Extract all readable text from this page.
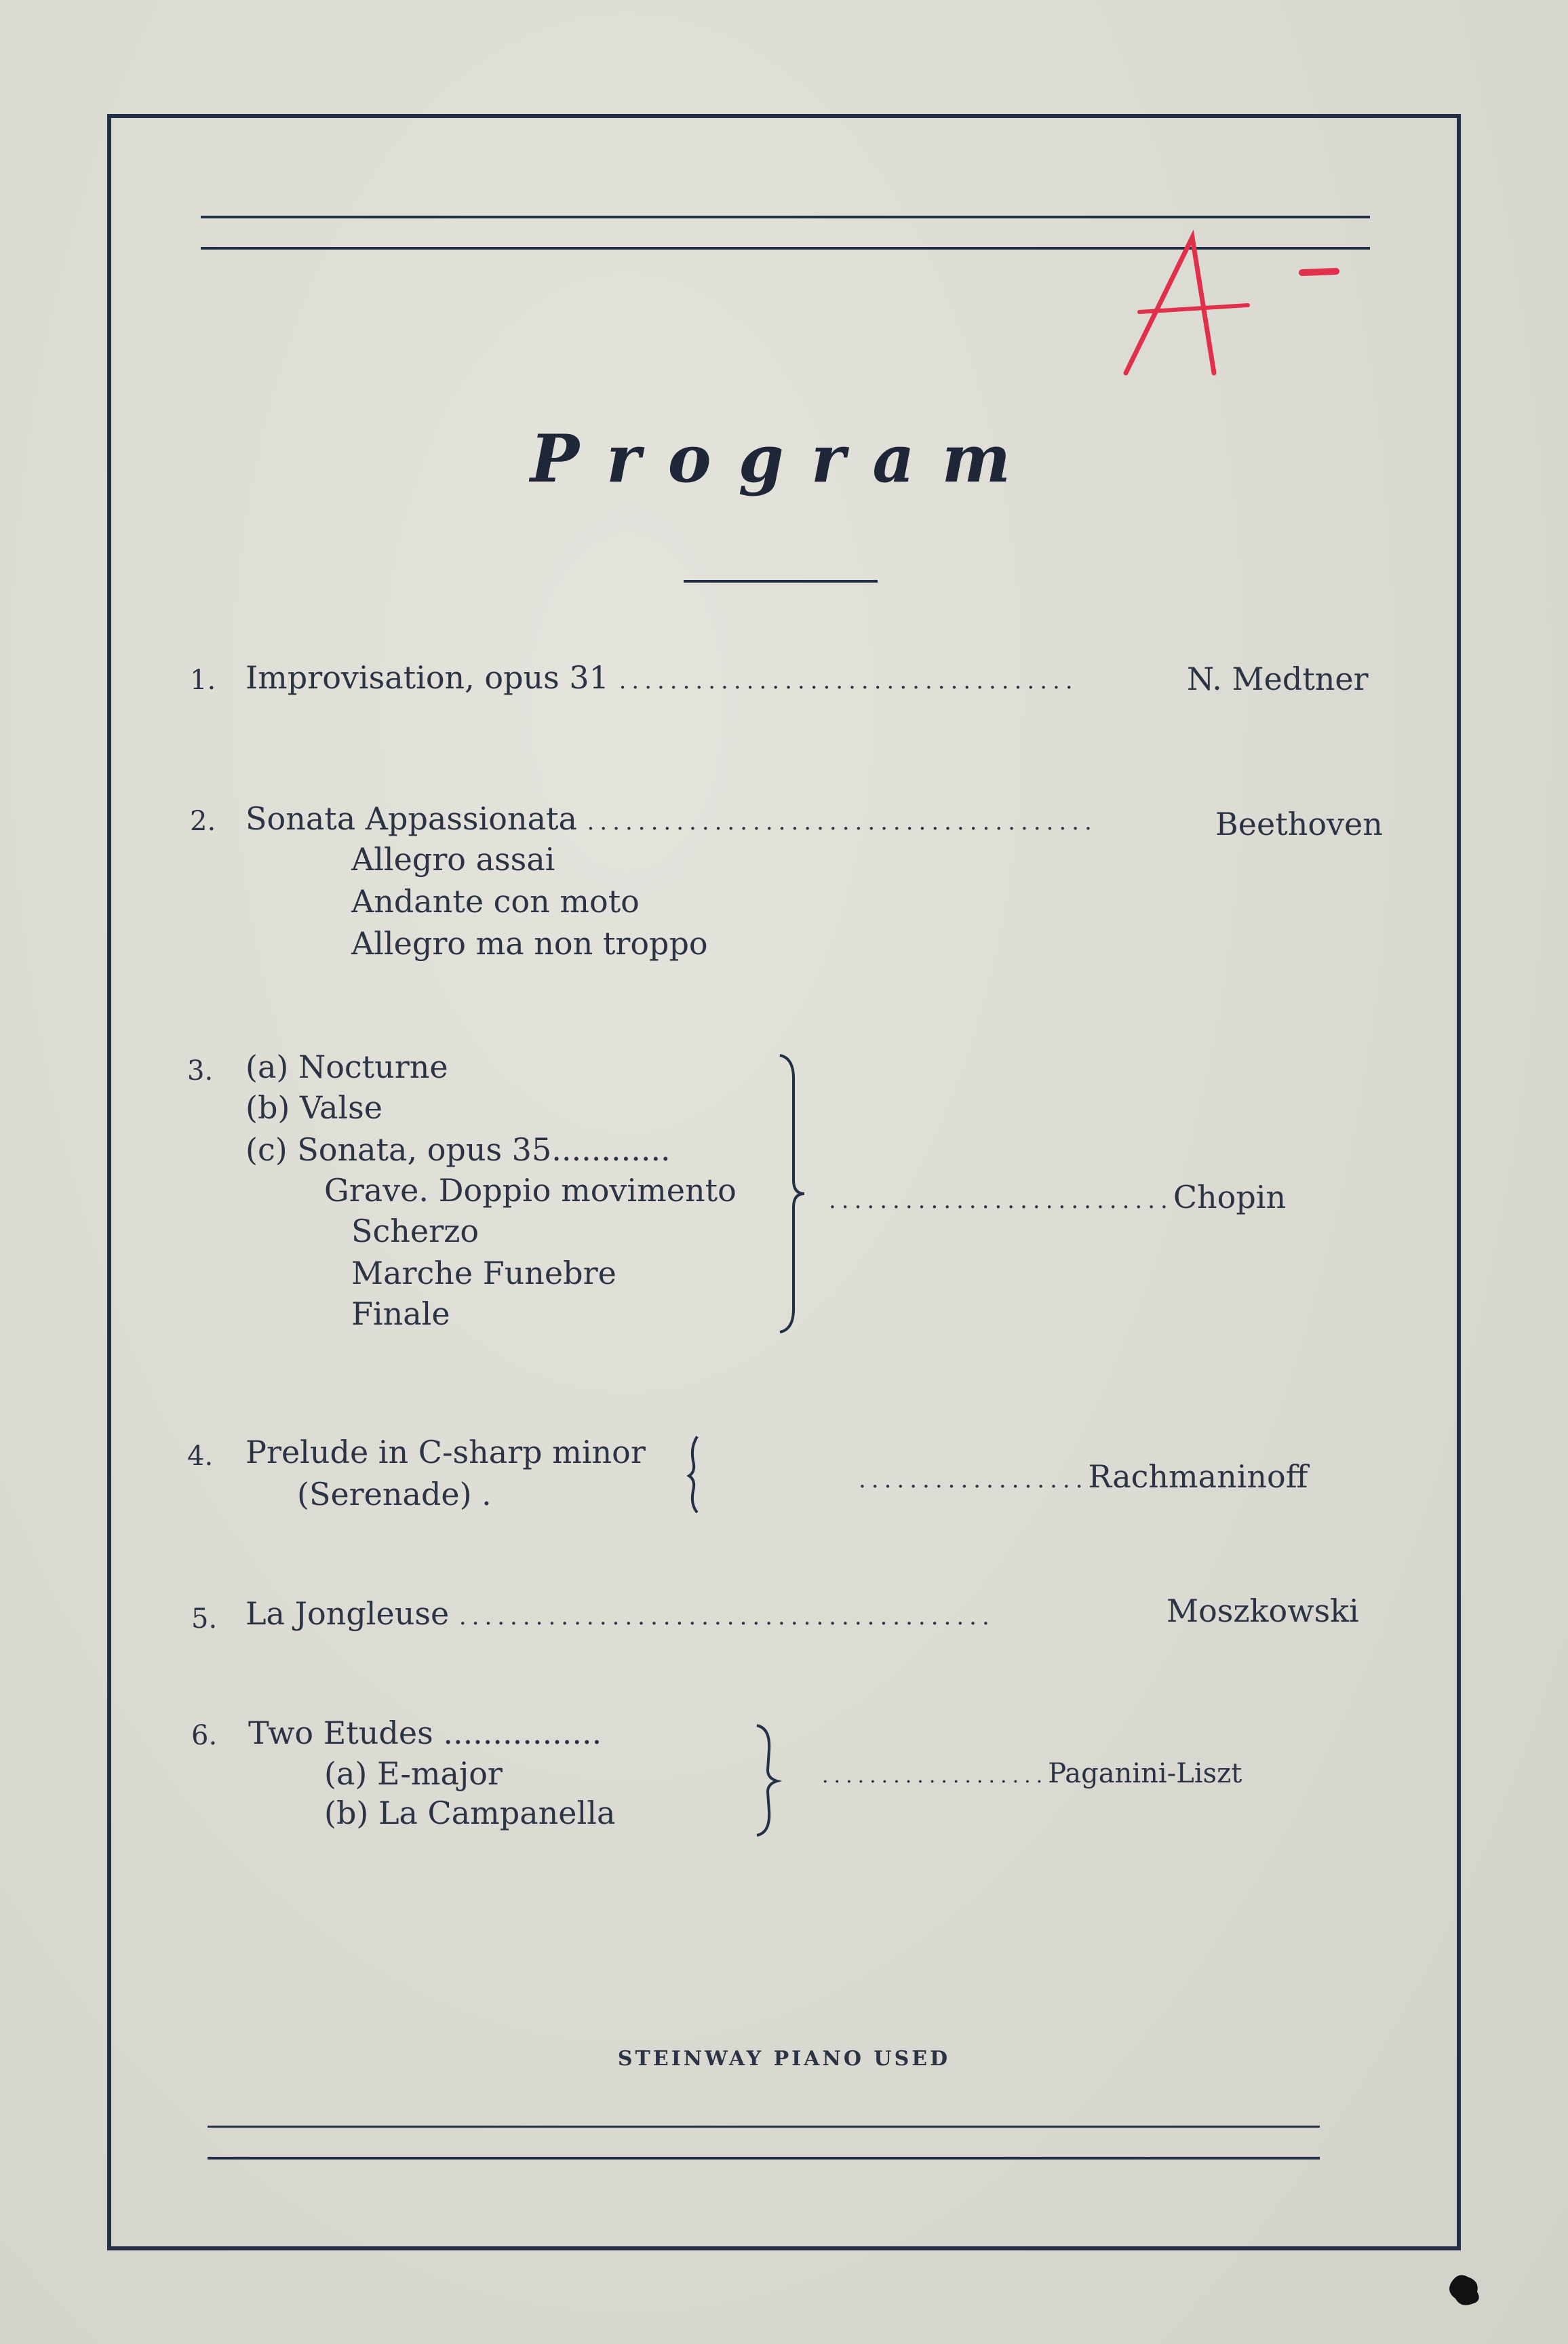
Program
1. Improvisation, opus 31 ....................................	N. Medtner
2. Sonata Appassionata ........................................	Beethoven
Allegro assai
Andante con moto
Allegro ma non troppo
3. (a) Nocturne
(b) Valse
(c) Sonata, opus 35............
Grave. Doppio movimento
Scherzo
Marche Funebre
Finale
...........................Chopin
4. Prelude in C-sharp minor
(Serenade) .	..................Rachmaninoff
5. La Jongleuse ..........................................	Moszkowski
6. Two Etudes ................
(a) E-major
(b) La Campanella
...................Paganini-Liszt
STEINWAY PIANO USED
